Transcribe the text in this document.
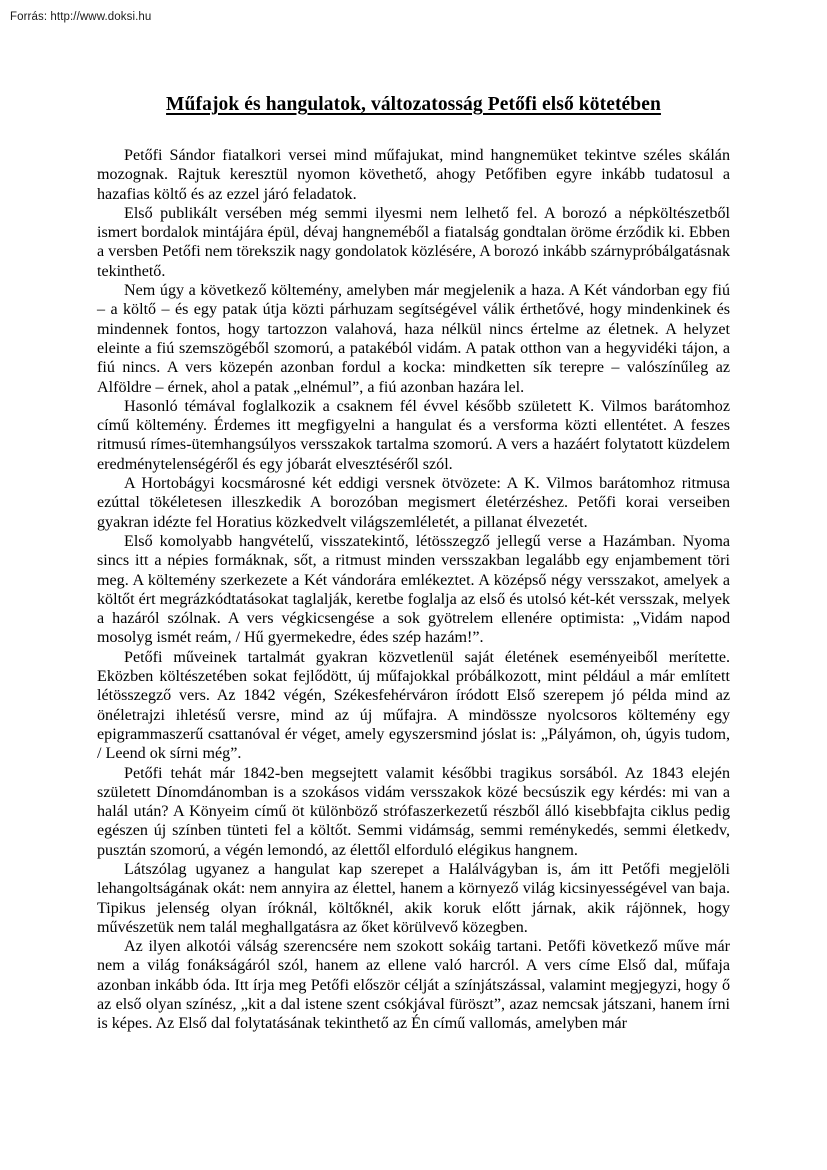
Forrás: http://www.doksi.hu
Műfajok és hangulatok, változatosság Petőfi első kötetében

Petőfi Sándor fiatalkori versei mind műfajukat, mind hangnemüket tekintve széles skálán mozognak. Rajtuk keresztül nyomon követhető, ahogy Petőfiben egyre inkább tudatosul a hazafias költő és az ezzel járó feladatok.

Első publikált versében még semmi ilyesmi nem lelhető fel. A borozó a népköltészetből ismert bordalok mintájára épül, dévaj hangneméből a fiatalság gondtalan öröme érződik ki. Ebben a versben Petőfi nem törekszik nagy gondolatok közlésére, A borozó inkább szárnypróbálgatásnak tekinthető.

Nem úgy a következő költemény, amelyben már megjelenik a haza. A Két vándorban egy fiú – a költő – és egy patak útja közti párhuzam segítségével válik érthetővé, hogy mindenkinek és mindennek fontos, hogy tartozzon valahová, haza nélkül nincs értelme az életnek. A helyzet eleinte a fiú szemszögéből szomorú, a patakéból vidám. A patak otthon van a hegyvidéki tájon, a fiú nincs. A vers közepén azonban fordul a kocka: mindketten sík terepre – valószínűleg az Alföldre – érnek, ahol a patak „elnémul”, a fiú azonban hazára lel.

Hasonló témával foglalkozik a csaknem fél évvel később született K. Vilmos barátomhoz című költemény. Érdemes itt megfigyelni a hangulat és a versforma közti ellentétet. A feszes ritmusú rímes-ütemhangsúlyos versszakok tartalma szomorú. A vers a hazáért folytatott küzdelem eredménytelenségéről és egy jóbarát elvesztéséről szól.

A Hortobágyi kocsmárosné két eddigi versnek ötvözete: A K. Vilmos barátomhoz ritmusa ezúttal tökéletesen illeszkedik A borozóban megismert életérzéshez. Petőfi korai verseiben gyakran idézte fel Horatius közkedvelt világszemléletét, a pillanat élvezetét.

Első komolyabb hangvételű, visszatekintő, létösszegző jellegű verse a Hazámban. Nyoma sincs itt a népies formáknak, sőt, a ritmust minden versszakban legalább egy enjambement töri meg. A költemény szerkezete a Két vándorára emlékeztet. A középső négy versszakot, amelyek a költőt ért megrázkódtatásokat taglalják, keretbe foglalja az első és utolsó két-két versszak, melyek a hazáról szólnak. A vers végkicsengése a sok gyötrelem ellenére optimista: „Vidám napod mosolyg ismét reám, / Hű gyermekedre, édes szép hazám!”.

Petőfi műveinek tartalmát gyakran közvetlenül saját életének eseményeiből merítette. Eközben költészetében sokat fejlődött, új műfajokkal próbálkozott, mint például a már említett létösszegző vers. Az 1842 végén, Székesfehérváron íródott Első szerepem jó példa mind az önéletrajzi ihletésű versre, mind az új műfajra. A mindössze nyolcsoros költemény egy epigrammaszerű csattanóval ér véget, amely egyszersmind jóslat is: „Pályámon, oh, úgyis tudom, / Leend ok sírni még”.

Petőfi tehát már 1842-ben megsejtett valamit későbbi tragikus sorsából. Az 1843 elején született Dínomdánomban is a szokásos vidám versszakok közé becsúszik egy kérdés: mi van a halál után? A Könyeim című öt különböző strófaszerkezetű részből álló kisebbfajta ciklus pedig egészen új színben tünteti fel a költőt. Semmi vidámság, semmi reménykedés, semmi életkedv, pusztán szomorú, a végén lemondó, az élettől elforduló elégikus hangnem.

Látszólag ugyanez a hangulat kap szerepet a Halálvágyban is, ám itt Petőfi megjelöli lehangoltságának okát: nem annyira az élettel, hanem a környező világ kicsinyességével van baja. Tipikus jelenség olyan íróknál, költőknél, akik koruk előtt járnak, akik rájönnek, hogy művészetük nem talál meghallgatásra az őket körülvevő közegben.

Az ilyen alkotói válság szerencsére nem szokott sokáig tartani. Petőfi következő műve már nem a világ fonákságáról szól, hanem az ellene való harcról. A vers címe Első dal, műfaja azonban inkább óda. Itt írja meg Petőfi először célját a színjátszással, valamint megjegyzi, hogy ő az első olyan színész, „kit a dal istene szent csókjával füröszt”, azaz nemcsak játszani, hanem írni is képes. Az Első dal folytatásának tekinthető az Én című vallomás, amelyben már
